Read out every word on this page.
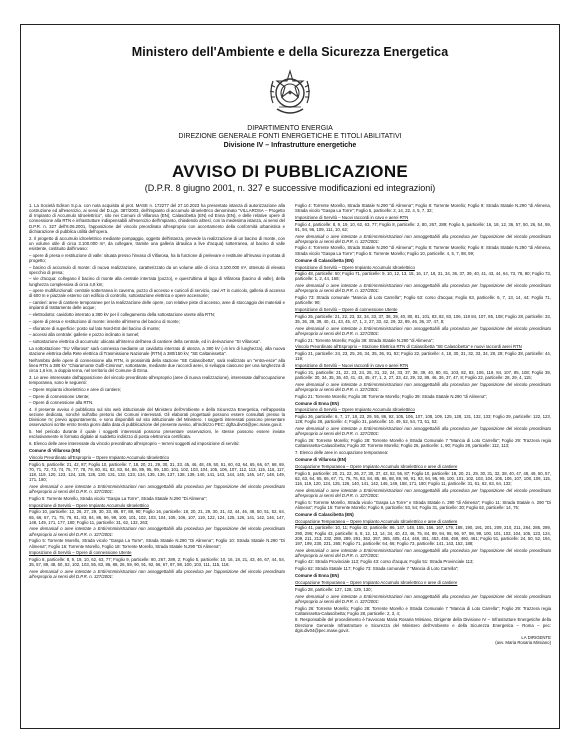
Ministero dell'Ambiente e della Sicurezza Energetica
DIPARTIMENTO ENERGIA
DIREZIONE GENERALE FONTI ENERGETICHE E TITOLI ABILITATIVI
Divisione IV – Infrastrutture energetiche
AVVISO DI PUBBLICAZIONE
(D.P.R. 8 giugno 2001, n. 327 e successive modificazioni ed integrazioni)

1. La Società Edison S.p.a. con nota acquisita al prot. MASE n. 172277 del 27.10.2023 ha presentato istanza di autorizzazione alla costruzione ed all'esercizio, ai sensi del D.Lgs. 387/2003, dell'impianto di accumulo idroelettrico denominato "VILLAROSA – Progetto di Impianto di Accumulo Idroelettrico", sito nei Comuni di Villarosa (EN), Calascibetta (EN) ed Enna (EN), e delle relative opere di connessione alla RTN e infrastrutture indispensabili all'esercizio dell'impianto, chiedendo altresì, con la medesima istanza, ai sensi del D.P.R. n. 327 dell'8.06.2001, l'apposizione del vincolo preordinato all'esproprio con accertamento della conformità urbanistica e dichiarazione di pubblica utilità dell'opera.

2. Il progetto di accumulo idroelettrico mediante pompaggio, oggetto dell'istanza, prevede la realizzazione di un bacino di monte, con un volume utile di circa 3.100.000 m³, da collegare, tramite una galleria idraulica a live d'acqua) sotterranea, al bacino di valle esistente, costituito dall'invaso:

– opere di presa e restituzione di valle: situata presso l'invaso di Villarosa, ha la funzione di prelevare e restituire all'invaso in portata di progetto;

– bacino di accumulo di monte: di nuova realizzazione, caratterizzato da un volume utile di circa 3.100.000 m³, ottenuto di elevato specchio di presa;

– vie d'acqua: collegano il bacino di monte alla centrale interrata (pozzo), e quest'ultima al lago di Villarosa (bacino di valle), della lunghezza complessiva di circa 4,8 km;

– opere multifunzionali: centrale sotterranea in caverna, pozzo di accesso e cunicoli di servizio, cavi AT in cunicolo, galleria di accesso di 600 m e piazzale esterno con edificio di controllo, sottostazione elettrica e opere accessorie;

– cantieri: aree di cantiere temporanee per la realizzazione delle opere, con relative piste di accesso, aree di stoccaggio dei materiali e impianti di trattamento delle acque;

– elettrodotto: cavidotto interrato a 380 kV per il collegamento della sottostazione utente alla RTN;

– opere di presa e restituzione di monte: inserite all'interno del bacino di monte;

– sfioratore di superficie: posto sul lato Nord-Est del bacino di monte;

– accessi alla centrale: gallerie e pozzo inclinato in tunnel;

– sottostazione elettrica di accumulo: ubicata all'interno dell'area di cantiere della centrale, ed in derivazione "SI Villarosa".

La sottostazione "SU Villarosa" sarà connessa mediante un cavidotto interrato di utenza, a 380 kV (=5 km di lunghezza), alla nuova stazione elettrica della Rete elettrica di Trasmissione Nazionale (RTN) a 380/150 kV, "SE Caltanissetta".

Nell'ambito delle opere di connessione alla RTN, in prossimità della stazione "SE Calascibetta", sarà realizzato un "entra-esce" alla linea RTN a 380 kV "Chiaramonte Gulfi-Ciminna", sottostante, mediante due raccordi aerei, si sviluppa ciascuno per una lunghezza di circa 1,6 km, a doppia terna, nel territorio del Comune di Enna.

3. Le aree interessate dall'apposizione del vincolo preordinato all'esproprio (aree di nuova realizzazione), interessate dall'occupazione temporanea, sono le seguenti:

– Opere Impianto idroelettrico e aree di cantiere;

– Opere di connessione Utente;

– Opere di connessione alla RTN.

4. Il presente avviso è pubblicato sul sito web istituzionale del Ministero dell'Ambiente e della Sicurezza Energetica, nell'apposita sezione dedicata, nonché sull'albo pretorio dei Comuni interessati. Gli elaborati progettuali possono essere consultati presso la Divisione IV, previo appuntamento, e sono disponibili sul sito istituzionale del Ministero. I soggetti interessati possono presentare osservazioni scritte entro trenta giorni dalla data di pubblicazione del presente avviso, all'indirizzo PEC: dgfta.div04@pec.mase.gov.it.

5. Nel periodo durante il quale i soggetti interessati possono presentare osservazioni, le stesse possono essere inviate esclusivamente in formato digitale al suddetto indirizzo di posta elettronica certificata.

6. Elenco delle aree interessate da vincolo preordinato all'esproprio – terreni soggetti ad imposizione di servitù:

Comune di Villarosa (EN)

Vincolo Preordinato all'Esproprio – Opere Impianto Accumulo Idroelettrico

Foglio 5, particelle: 21, 42, 87; Foglio 10, particelle: 7, 18, 20, 21, 29, 30, 31, 33, 45, 46, 48, 49, 50, 51, 60, 63, 64, 65, 66, 67, 68, 69, 70, 71, 72, 73, 74, 75, 77, 78, 79, 80, 81, 82, 83, 84, 86, 89, 95, 99, 100, 101, 102, 103, 104, 105, 106, 107, 112, 113, 115, 116, 117, 118, 119, 120, 123, 124, 125, 126, 130, 131, 132, 133, 134, 135, 136, 137, 138, 139, 140, 141, 143, 144, 145, 146, 147, 148, 149, 171, 180;

Aree demaniali o aree intestate a Enti/Amministrazioni non assoggettabili alla procedura per l'apposizione del vincolo preordinato all'esproprio ai sensi del D.P.R. n. 327/2001:

Foglio 5: Torrente Morello, Strada vicolo "Gaspa La Torre", Strada Statale N.290 "Di Alimena";

Imposizione di Servitù – Opere Impianto Accumulo Idroelettrico

Foglio 10, particelle: 12, 26, 27, 29, 30, 33, 86, 87, 88, 90; Foglio 16, particelle: 18, 20, 21, 29, 30, 31, 42, 44, 46, 48, 50, 51, 52, 64, 65, 66, 67, 71, 75, 76, 81, 83, 84, 86, 96, 99, 100, 101, 102, 103, 104, 105, 106, 107, 119, 122, 124, 125, 126, 141, 142, 146, 147, 148, 149, 171, 177, 180; Foglio 11, particelle: 31, 62, 132, 263;

Aree demaniali o aree intestate a Enti/Amministrazioni non assoggettabili alla procedura per l'apposizione del vincolo preordinato all'esproprio ai sensi del D.P.R. n. 327/2001:

Foglio 5: Torrente Morello, Strada vicolo "Gaspa La Torre", Strada Statale N.290 "Di Alimena"; Foglio 10: Strada Statale N.290 "Di Alimena"; Foglio 16: Torrente Morello, Foglio 18: Torrente Morello, Strada Statale N.290 "Di Alimena";

Imposizione di Servitù – Opere di connessione Utente

Foglio 8, particelle: 8, 9, 19, 10, 62, 63, 77; Foglio 9, particelle: 80, 267, 289, 2; Foglio 5, particelle: 10, 16, 18, 21, 43, 46, 67, 44, 54, 35, 57, 89, 48, 50, 52, 102, 103, 55, 83, 86, 88, 26, 59, 90, 91, 92, 66, 67, 97, 98, 100, 103, 111, 115, 116;

Aree demaniali o aree intestate a Enti/Amministrazioni non assoggettabili alla procedura per l'apposizione del vincolo preordinato all'esproprio ai sensi del D.P.R. n. 327/2001:

Foglio 4: Torrente Morello, Strada Statale N.290 "di Alimena"; Foglio 8: Torrente Morello; Foglio 9: Strada Statale N.290 "di Alimena, Strada vicolo "Gaspa La Torre"; Foglio 5, particelle: 2, 14, 22, 4, 5, 7, 32;

Imposizione di Servitù – Nuovi raccordi in cavo e aerei RTN

Foglio 4, particelle: 8, 9, 19, 10, 62, 63, 77; Foglio 8, particelle: 2, 80, 267, 289; Foglio 5, particelle: 16, 18, 12, 36, 57, 50, 26, 54, 59, 91, 94, 96, 109, 111, 10, 62;

Aree demaniali o aree intestate a Enti/Amministrazioni non assoggettabili alla procedura per l'apposizione del vincolo preordinato all'esproprio ai sensi del D.P.R. n. 327/2001:

Foglio 4: Torrente Morello, Strada Statale N.290 "di Alimena"; Foglio 8: Torrente Morello; Foglio 9: Strada Statale N.290 "di Alimena, Strada vicolo "Gaspa La Torre"; Foglio 5: Torrente Morello; Foglio 10, particelle: 4, 5, 7, 98, 99;

Comune di Calascibetta (EN)

Imposizione di Servitù – Opere Impianto Accumulo Idroelettrico

Foglio 48, particelle: 50; Foglio 71, particelle: 9, 10, 12, 13, 15, 16, 17, 18, 31, 34, 36, 37, 39, 40, 41, 43, 44, 64, 73, 78, 80; Foglio 73, particelle: 1, 2, 44, 168;

Aree demaniali o aree intestate a Enti/Amministrazioni non assoggettabili alla procedura per l'apposizione del vincolo preordinato all'esproprio ai sensi del D.P.R. n. 327/2001:

Foglio 73: Strada comunale "Mancia di Loto Carrella"; Foglio 63: corso d'acqua; Foglio 63, particelle: 6, 7, 13, 14, 44; Foglio 71, particelle: 90;

Imposizione di Servitù – Opere di connessione Utente

Foglio 25, particelle: 21, 22, 23, 32, 34, 33, 37, 38, 39, 40, 80, 81, 101, 83, 82, 83, 106, 119 84, 107, 85, 108; Foglio 28, particelle: 33, 35, 36, 38, 39, 40, 41, 43, 45, 47, 1, 2, 27, 33, 42, 29, 32, 89, 46, 36, 37, 47, 8;

Aree demaniali o aree intestate a Enti/Amministrazioni non assoggettabili alla procedura per l'apposizione del vincolo preordinato all'esproprio ai sensi del D.P.R. n. 327/2001:

Foglio 21: Torrente Morello; Foglio 39: Strada Statale N.290 "di Alimena";

Vincolo Preordinato all'Esproprio – Stazione Elettrica RTN di Calascibetta "SE Calascibetta" e nuovi raccordi aerei RTN

Foglio 21, particelle: 24, 23, 25, 26, 34, 35, 36, 91, 92; Foglio 22, particelle: 4, 18, 30, 31, 32, 33, 34, 28, 29; Foglio 38, particelle: 44, 119;

Imposizione di Servitù – Nuovi raccordi in cavo e aerei RTN

Foglio 21, particelle: 21, 22, 23, 24, 25, 31, 32, 24, 33, 37, 38, 39, 40, 80, 81, 103, 82, 83, 106, 119, 84, 107, 85, 108; Foglio 39, particelle: 30, 34, 35, 36, 40, 41, 43, 45, 47, 1, 2, 27, 33, 42, 29, 32, 89, 46, 36, 37, 47, 8; Foglio 22, particelle: 28, 29, 4, 115;

Aree demaniali o aree intestate a Enti/Amministrazioni non assoggettabili alla procedura per l'apposizione del vincolo preordinato all'esproprio ai sensi del D.P.R. n. 327/2001:

Foglio 21: Torrente Morello; Foglio 38: Torrente Morello; Foglio 39: Strada Statale N.290 "di Alimena";

Comune di Enna (EN)

Imposizione di Servitù – Opere Impianto Accumulo Idroelettrico

Foglio 26, particelle: 6, 7, 17, 18, 23, 29, 55, 86, 92, 105, 106, 107, 108, 109, 125, 128, 131, 132, 133; Foglio 29, particelle: 122, 123, 128; Foglio 28, particelle: 4; Foglio 31, particelle: 10, 49, 52, 54, 73, 51, 53;

Aree demaniali o aree intestate a Enti/Amministrazioni non assoggettabili alla procedura per l'apposizione del vincolo preordinato all'esproprio ai sensi del D.P.R. n. 327/2001:

Foglio 26: Torrente Morello; Foglio 28: Torrente Morello e Strada Comunale 7 "Mancia di Loto Carrella"; Foglio 29: Trazzera regia Caltanissetta-Calascibetta; Foglio 30: Torrente Morello; Foglio 26, particelle: 1, 90; Foglio 28, particelle: 112, 113;

7. Elenco delle aree in occupazione temporanea:

Comune di Villarosa (EN)

Occupazione Temporanea – Opere Impianto Accumulo Idroelettrico e aree di cantiere

Foglio 5, particelle: 20, 21, 22, 26, 27, 30, 37, 43, 52, 56, 87; Foglio 10, particelle: 18, 20, 21, 29, 30, 31, 32, 38, 40, 47, 48, 49, 50, 57, 62, 63, 64, 65, 66, 67, 71, 75, 76, 83, 84, 85, 86, 88, 89, 90, 91, 93, 94, 95, 99, 100, 101, 102, 103, 104, 105, 106, 107, 108, 109, 115, 116, 119, 120, 124, 125, 126, 140, 141, 142, 146, 149, 158, 171, 180; Foglio 11, particelle: 31, 61, 62, 63, 64, 132;

Aree demaniali o aree intestate a Enti/Amministrazioni non assoggettabili alla procedura per l'apposizione del vincolo preordinato all'esproprio ai sensi del D.P.R. n. 327/2001:

Foglio 5: Torrente Morello, Strada vicolo "Gaspa La Torre" e Strada Statale n. 290 "di Alimena"; Foglio 11: Strada Statale n. 290 "Di Alimena"; Foglio 16: Torrente Morello; Foglio 9, particelle: 53, 54; Foglio 31, particelle: 30; Foglio 62, particelle: 14, 75;

Comune di Calascibetta (EN)

Occupazione Temporanea – Opere Impianto Accumulo Idroelettrico e aree di cantiere

Foglio 41, particelle: 10, 11; Foglio 42, particelle: 86, 147, 148, 155, 156, 167, 179, 188, 190, 191, 201, 209, 210, 211, 284, 285, 289, 290, 296; Foglio 43, particelle: 6, 8, 12, 13, 14, 34, 40, 43, 46, 75, 84, 89, 94, 95, 96, 97, 98, 99, 100, 101, 103, 104, 105, 123, 124, 209, 211, 213, 232, 288, 289, 291, 352, 357, 365, 405, 414, 448, 451, 453, 458, 459, 460, 461; Foglio 51, particelle: 24, 50, 52, 194, 197, 199, 230, 231, 265; Foglio 71, particelle: 64, 66; Foglio 73, particelle: 141, 143, 152, 188;

Aree demaniali o aree intestate a Enti/Amministrazioni non assoggettabili alla procedura per l'apposizione del vincolo preordinato all'esproprio ai sensi del D.P.R. n. 327/2001:

Foglio 42: Strada Provinciale 113; Foglio 43: corso d'acqua; Foglio 51: Strada Provinciale 113;

Foglio 62: Strada Statale 117; Foglio 73: Strada comunale 7 "Mancia di Loto Carrella";

Comune di Enna (EN)

Occupazione Temporanea – Opere Impianto Accumulo Idroelettrico e aree di cantiere

Foglio 28, particelle: 127, 128, 129, 130;

Aree demaniali o aree intestate a Enti/Amministrazioni non assoggettabili alla procedura per l'apposizione del vincolo preordinato all'esproprio ai sensi del D.P.R. n. 327/2001:

Foglio 26: Torrente Morello; Foglio 28: Torrente Morello e Strada Comunale 7 "Mancia di Loto Carrella"; Foglio 29: Trazzera regia Caltanissetta-Calascibetta; Foglio 28, particelle: 2, 3, 4;

8. Responsabile del procedimento è l'avvocato Maria Rosaria Mirsiano, Dirigente della Divisione IV – Infrastrutture Energetiche della Direzione Generale Infrastrutture e Sicurezza del Ministero dell'Ambiente e della Sicurezza Energetica – Roma – pec: dgis.div04@pec.mase.gov.it.

LA DIRIGENTE
(avv. Maria Rosaria Mirsiano)
